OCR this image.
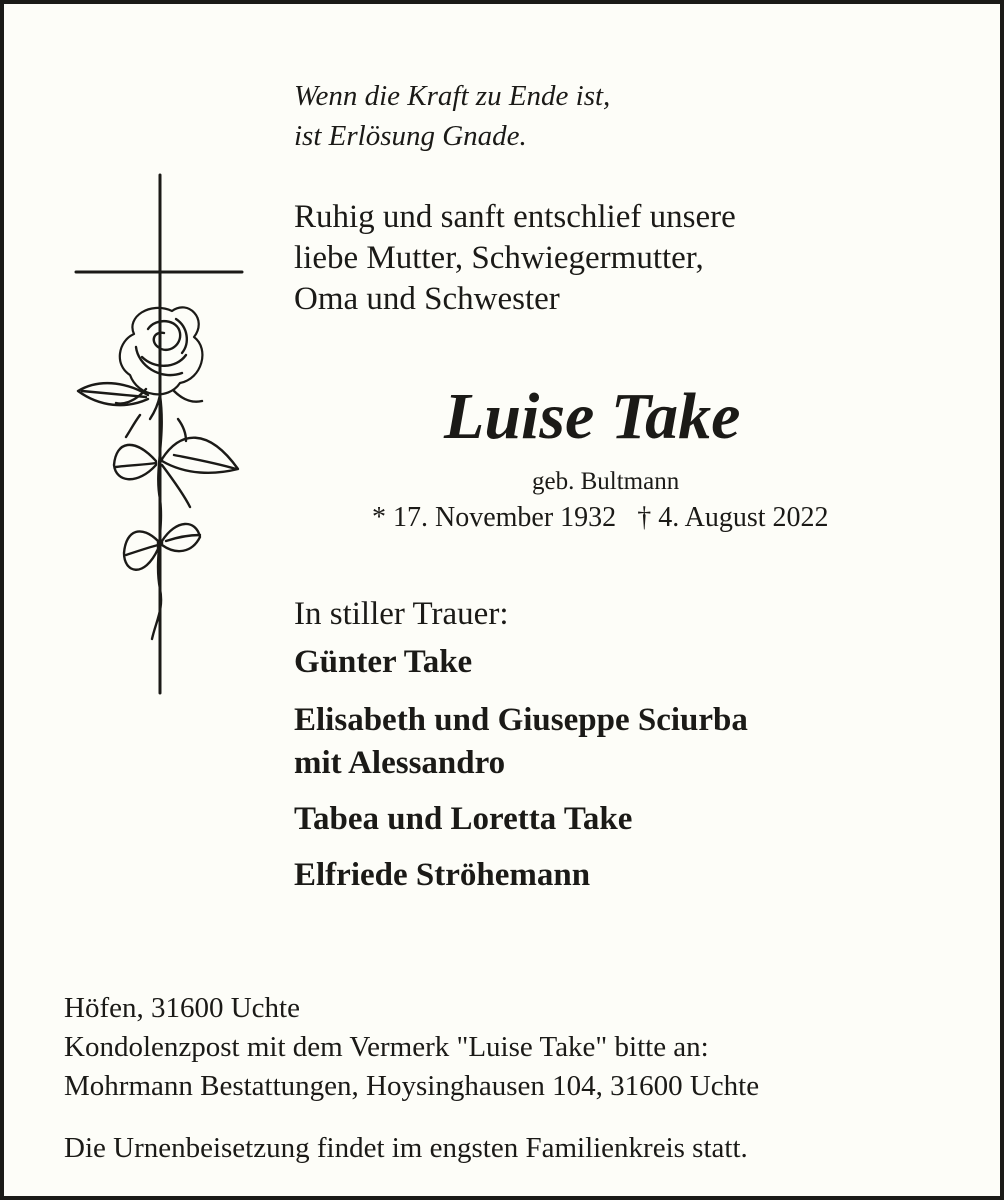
Wenn die Kraft zu Ende ist,
ist Erlösung Gnade.

Ruhig und sanft entschlief unsere
liebe Mutter, Schwiegermutter,
Oma und Schwester

Luise Take

geb. Bultmann

* 17. November 1932 † 4. August 2022

In stiller Trauer:

Günter Take

Elisabeth und Giuseppe Sciurba

mit Alessandro

Tabea und Loretta Take

Elfriede Ströhemann

Höfen, 31600 Uchte
Kondolenzpost mit dem Vermerk "Luise Take" bitte an:
Mohrmann Bestattungen, Hoysinghausen 104, 31600 Uchte

Die Urnenbeisetzung findet im engsten Familienkreis statt.
